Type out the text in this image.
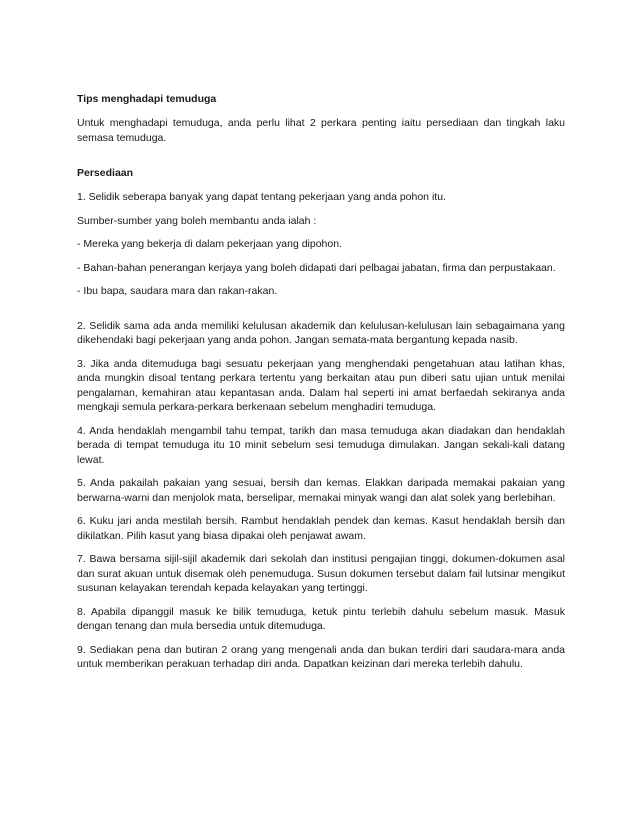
Tips menghadapi temuduga

Untuk menghadapi temuduga, anda perlu lihat 2 perkara penting iaitu persediaan dan tingkah laku semasa temuduga.

Persediaan

1. Selidik seberapa banyak yang dapat tentang pekerjaan yang anda pohon itu.

Sumber-sumber yang boleh membantu anda ialah :

- Mereka yang bekerja di dalam pekerjaan yang dipohon.

- Bahan-bahan penerangan kerjaya yang boleh didapati dari pelbagai jabatan, firma dan perpustakaan.

- Ibu bapa, saudara mara dan rakan-rakan.

2. Selidik sama ada anda memiliki kelulusan akademik dan kelulusan-kelulusan lain sebagaimana yang dikehendaki bagi pekerjaan yang anda pohon. Jangan semata-mata bergantung kepada nasib.

3. Jika anda ditemuduga bagi sesuatu pekerjaan yang menghendaki pengetahuan atau latihan khas, anda mungkin disoal tentang perkara tertentu yang berkaitan atau pun diberi satu ujian untuk menilai pengalaman, kemahiran atau kepantasan anda. Dalam hal seperti ini amat berfaedah sekiranya anda mengkaji semula perkara-perkara berkenaan sebelum menghadiri temuduga.

4. Anda hendaklah mengambil tahu tempat, tarikh dan masa temuduga akan diadakan dan hendaklah berada di tempat temuduga itu 10 minit sebelum sesi temuduga dimulakan. Jangan sekali-kali datang lewat.

5. Anda pakailah pakaian yang sesuai, bersih dan kemas. Elakkan daripada memakai pakaian yang berwarna-warni dan menjolok mata, berselipar, memakai minyak wangi dan alat solek yang berlebihan.

6. Kuku jari anda mestilah bersih. Rambut hendaklah pendek dan kemas. Kasut hendaklah bersih dan dikilatkan. Pilih kasut yang biasa dipakai oleh penjawat awam.

7. Bawa bersama sijil-sijil akademik dari sekolah dan institusi pengajian tinggi, dokumen-dokumen asal dan surat akuan untuk disemak oleh penemuduga. Susun dokumen tersebut dalam fail lutsinar mengikut susunan kelayakan terendah kepada kelayakan yang tertinggi.

8. Apabila dipanggil masuk ke bilik temuduga, ketuk pintu terlebih dahulu sebelum masuk. Masuk dengan tenang dan mula bersedia untuk ditemuduga.

9. Sediakan pena dan butiran 2 orang yang mengenali anda dan bukan terdiri dari saudara-mara anda untuk memberikan perakuan terhadap diri anda. Dapatkan keizinan dari mereka terlebih dahulu.
